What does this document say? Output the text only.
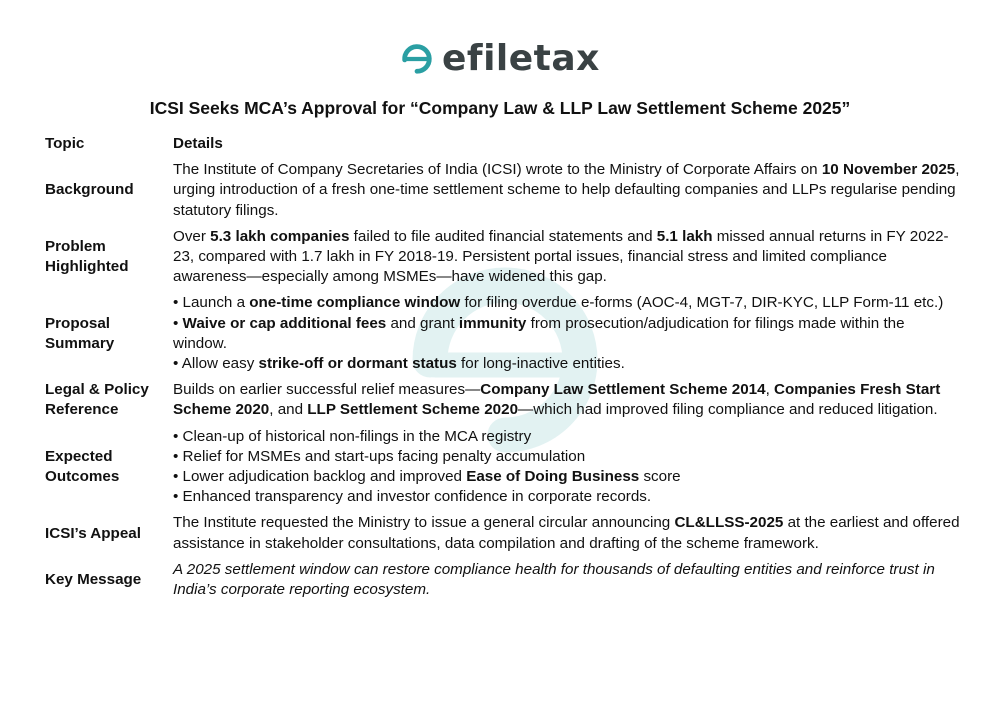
efiletax
ICSI Seeks MCA’s Approval for “Company Law & LLP Law Settlement Scheme 2025”
Topic	Details
Background	The Institute of Company Secretaries of India (ICSI) wrote to the Ministry of Corporate Affairs on 10 November 2025, urging introduction of a fresh one-time settlement scheme to help defaulting companies and LLPs regularise pending statutory filings.
Problem Highlighted	Over 5.3 lakh companies failed to file audited financial statements and 5.1 lakh missed annual returns in FY 2022-23, compared with 1.7 lakh in FY 2018-19. Persistent portal issues, financial stress and limited compliance awareness—especially among MSMEs—have widened this gap.
Proposal Summary	• Launch a one-time compliance window for filing overdue e-forms (AOC-4, MGT-7, DIR-KYC, LLP Form-11 etc.)
• Waive or cap additional fees and grant immunity from prosecution/adjudication for filings made within the window.
• Allow easy strike-off or dormant status for long-inactive entities.

Legal & Policy Reference	Builds on earlier successful relief measures—Company Law Settlement Scheme 2014, Companies Fresh Start Scheme 2020, and LLP Settlement Scheme 2020—which had improved filing compliance and reduced litigation.
Expected Outcomes	• Clean-up of historical non-filings in the MCA registry
• Relief for MSMEs and start-ups facing penalty accumulation
• Lower adjudication backlog and improved Ease of Doing Business score
• Enhanced transparency and investor confidence in corporate records.

ICSI’s Appeal	The Institute requested the Ministry to issue a general circular announcing CL&LLSS-2025 at the earliest and offered assistance in stakeholder consultations, data compilation and drafting of the scheme framework.
Key Message	A 2025 settlement window can restore compliance health for thousands of defaulting entities and reinforce trust in India’s corporate reporting ecosystem.
